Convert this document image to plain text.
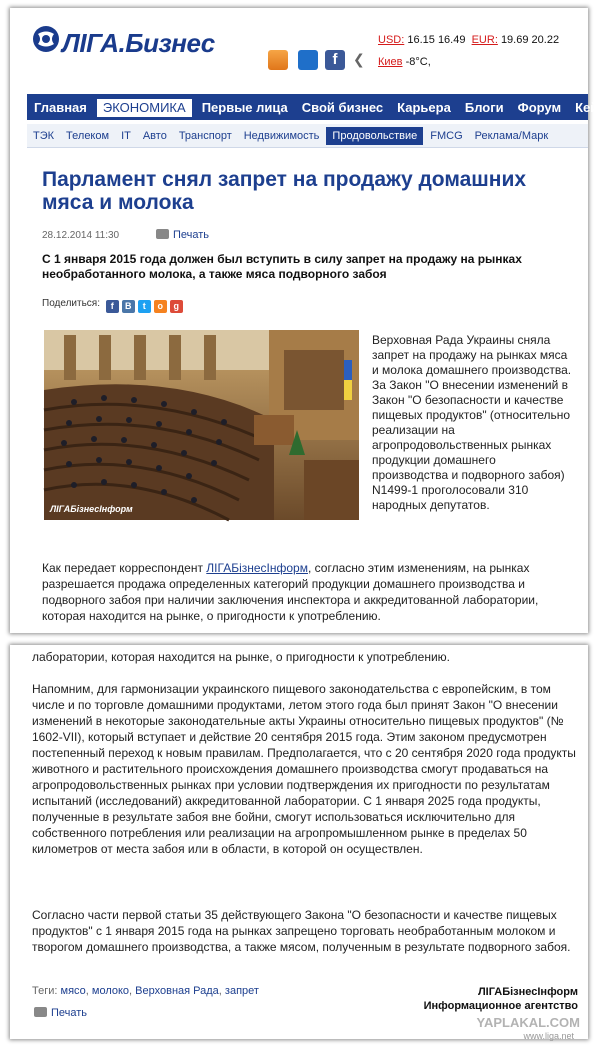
ЛІГА.Бизнес
f	❮
USD: 16.15 16.49 EUR: 19.69 20.22
Киев -8°C,
Главная ЭКОНОМИКА Первые лица Свой бизнес Карьера Блоги Форум Кей
ТЭК Телеком IT Авто Транспорт Недвижимость Продовольствие FMCG Реклама/Марк
Парламент снял запрет на продажу домашних мяса и молока
28.12.2014 11:30	Печать
С 1 января 2015 года должен был вступить в силу запрет на продажу на рынках необработанного молока, а также мяса подворного забоя
Поделиться: f B t o g
ЛІГАБізнесІнформ
Верховная Рада Украины сняла запрет на продажу на рынках мяса и молока домашнего производства. За Закон "О внесении изменений в Закон "О безопасности и качестве пищевых продуктов" (относительно реализации на агропродовольственных рынках продукции домашнего производства и подворного забоя) N1499-1 проголосовали 310 народных депутатов.
Как передает корреспондент ЛІГАБізнесІнформ, согласно этим изменениям, на рынках разрешается продажа определенных категорий продукции домашнего производства и подворного забоя при наличии заключения инспектора и аккредитованной лаборатории, которая находится на рынке, о пригодности к употреблению.
лаборатории, которая находится на рынке, о пригодности к употреблению.
Напомним, для гармонизации украинского пищевого законодательства с европейским, в том числе и по торговле домашними продуктами, летом этого года был принят Закон "О внесении изменений в некоторые законодательные акты Украины относительно пищевых продуктов" (№ 1602-VII), который вступает и действие 20 сентября 2015 года. Этим законом предусмотрен постепенный переход к новым правилам. Предполагается, что с 20 сентября 2020 года продукты животного и растительного происхождения домашнего производства смогут продаваться на агропродовольственных рынках при условии подтверждения их пригодности по результатам испытаний (исследований) аккредитованной лаборатории. С 1 января 2025 года продукты, полученные в результате забоя вне бойни, смогут использоваться исключительно для собственного потребления или реализации на агропромышленном рынке в пределах 50 километров от места забоя или в области, в которой он осуществлен.
Согласно части первой статьи 35 действующего Закона "О безопасности и качестве пищевых продуктов" с 1 января 2015 года на рынках запрещено торговать необработанным молоком и творогом домашнего производства, а также мясом, полученным в результате подворного забоя.
Теги: мясо, молоко, Верховная Рада, запрет
Печать
ЛІГАБізнесІнформ
Информационное агентство
YAPLAKAL.COM
www.liga.net
